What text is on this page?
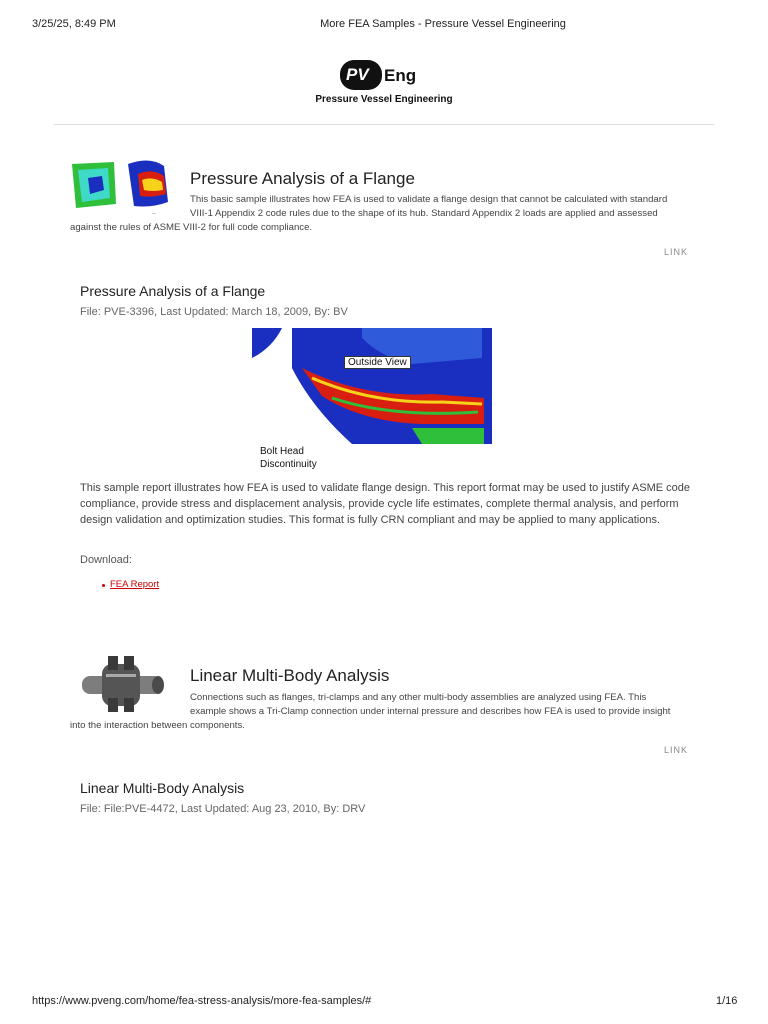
3/25/25, 8:49 PM	More FEA Samples - Pressure Vessel Engineering
PV Eng
Pressure Vessel Engineering
—
Pressure Analysis of a Flange
This basic sample illustrates how FEA is used to validate a flange design that cannot be calculated with standard
VIII-1 Appendix 2 code rules due to the shape of its hub. Standard Appendix 2 loads are applied and assessed
against the rules of ASME VIII-2 for full code compliance.
LINK
Pressure Analysis of a Flange
File: PVE-3396, Last Updated: March 18, 2009, By: BV
Outside View
Bolt Head
Discontinuity
This sample report illustrates how FEA is used to validate flange design. This report format may be used to justify ASME code compliance, provide stress and displacement analysis, provide cycle life estimates, complete thermal analysis, and perform design validation and optimization studies. This format is fully CRN compliant and may be applied to many applications.
Download:
FEA Report
Linear Multi-Body Analysis
Connections such as flanges, tri-clamps and any other multi-body assemblies are analyzed using FEA. This
example shows a Tri-Clamp connection under internal pressure and describes how FEA is used to provide insight
into the interaction between components.
LINK
Linear Multi-Body Analysis
File: File:PVE-4472, Last Updated: Aug 23, 2010, By: DRV
https://www.pveng.com/home/fea-stress-analysis/more-fea-samples/#	1/16
